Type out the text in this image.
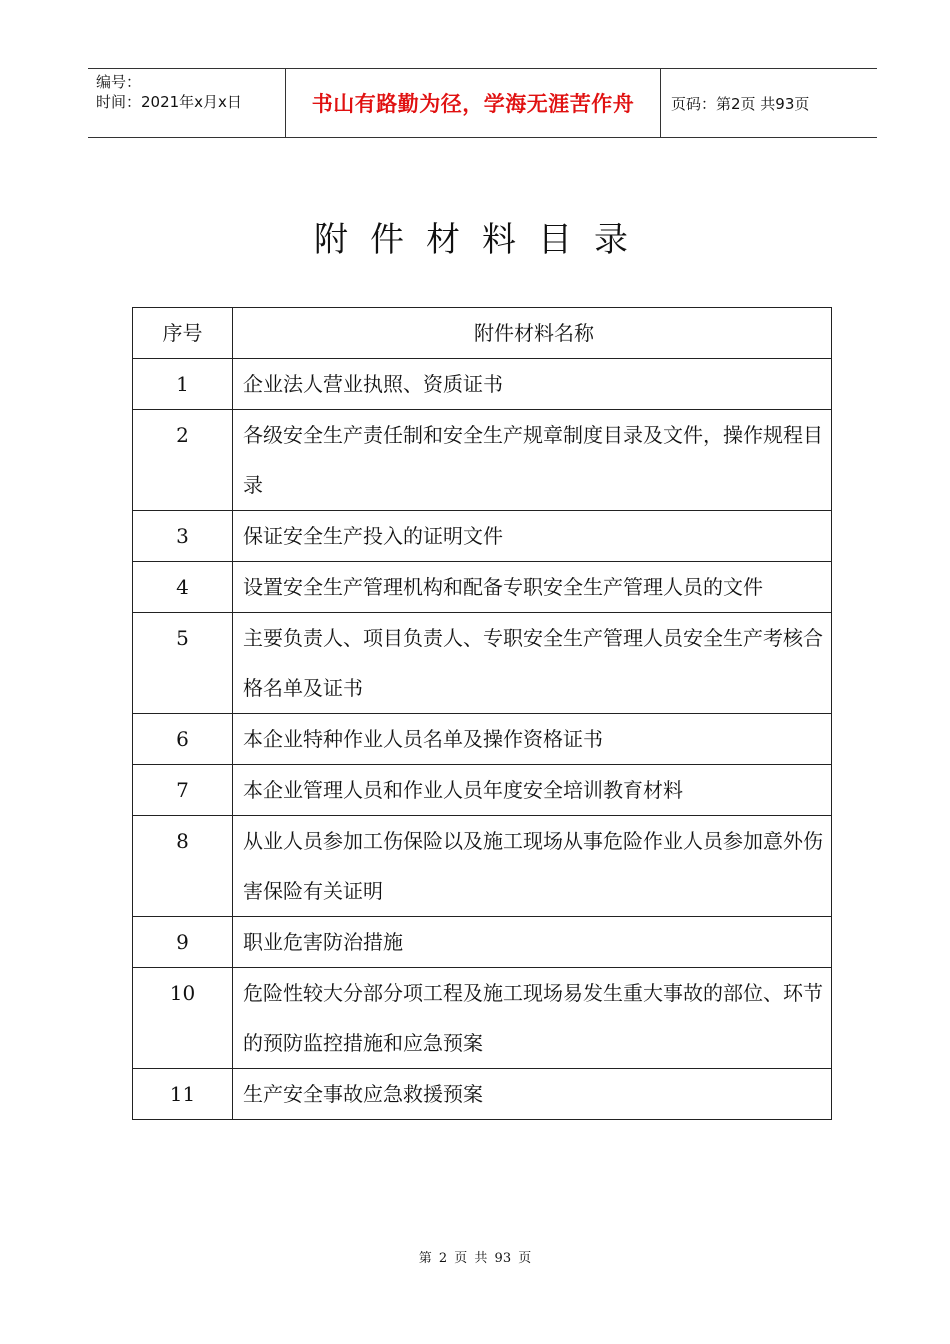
编号：
时间：2021年x月x日	书山有路勤为径，学海无涯苦作舟	页码：第2页 共93页
附件材料目录
序号	附件材料名称

1	企业法人营业执照、资质证书

2	各级安全生产责任制和安全生产规章制度目录及文件，操作规程目录

3	保证安全生产投入的证明文件

4	设置安全生产管理机构和配备专职安全生产管理人员的文件

5	主要负责人、项目负责人、专职安全生产管理人员安全生产考核合格名单及证书

6	本企业特种作业人员名单及操作资格证书

7	本企业管理人员和作业人员年度安全培训教育材料

8	从业人员参加工伤保险以及施工现场从事危险作业人员参加意外伤害保险有关证明

9	职业危害防治措施

10	危险性较大分部分项工程及施工现场易发生重大事故的部位、环节的预防监控措施和应急预案

11	生产安全事故应急救援预案
第 2 页 共 93 页
